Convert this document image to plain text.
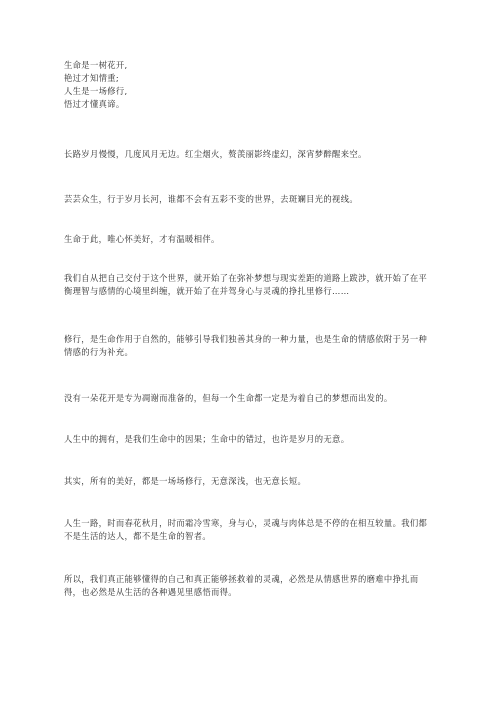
生命是一树花开,
艳过才知情重;
人生是一场修行,
悟过才懂真谛。
长路岁月慢慢，几度风月无边。红尘烟火，赘羡丽影终虚幻，深宵梦醉醒来空。
芸芸众生，行于岁月长河，谁都不会有五彩不变的世界，去斑斓目光的视线。
生命于此，唯心怀美好，才有温暖相伴。
我们自从把自己交付于这个世界，就开始了在弥补梦想与现实差距的道路上跋涉，就开始了在平衡理智与感情的心境里纠缠，就开始了在并驾身心与灵魂的挣扎里修行……
修行，是生命作用于自然的，能够引导我们独善其身的一种力量，也是生命的情感依附于另一种情感的行为补充。
没有一朵花开是专为凋谢而准备的，但每一个生命都一定是为着自己的梦想而出发的。
人生中的拥有，是我们生命中的因果；生命中的错过，也许是岁月的无意。
其实，所有的美好，都是一场场修行，无意深浅，也无意长短。
人生一路，时而春花秋月，时而霜冷雪寒，身与心，灵魂与肉体总是不停的在相互较量。我们都不是生活的达人，都不是生命的智者。
所以，我们真正能够懂得的自己和真正能够拯救着的灵魂，必然是从情感世界的磨难中挣扎而得，也必然是从生活的各种遇见里感悟而得。
